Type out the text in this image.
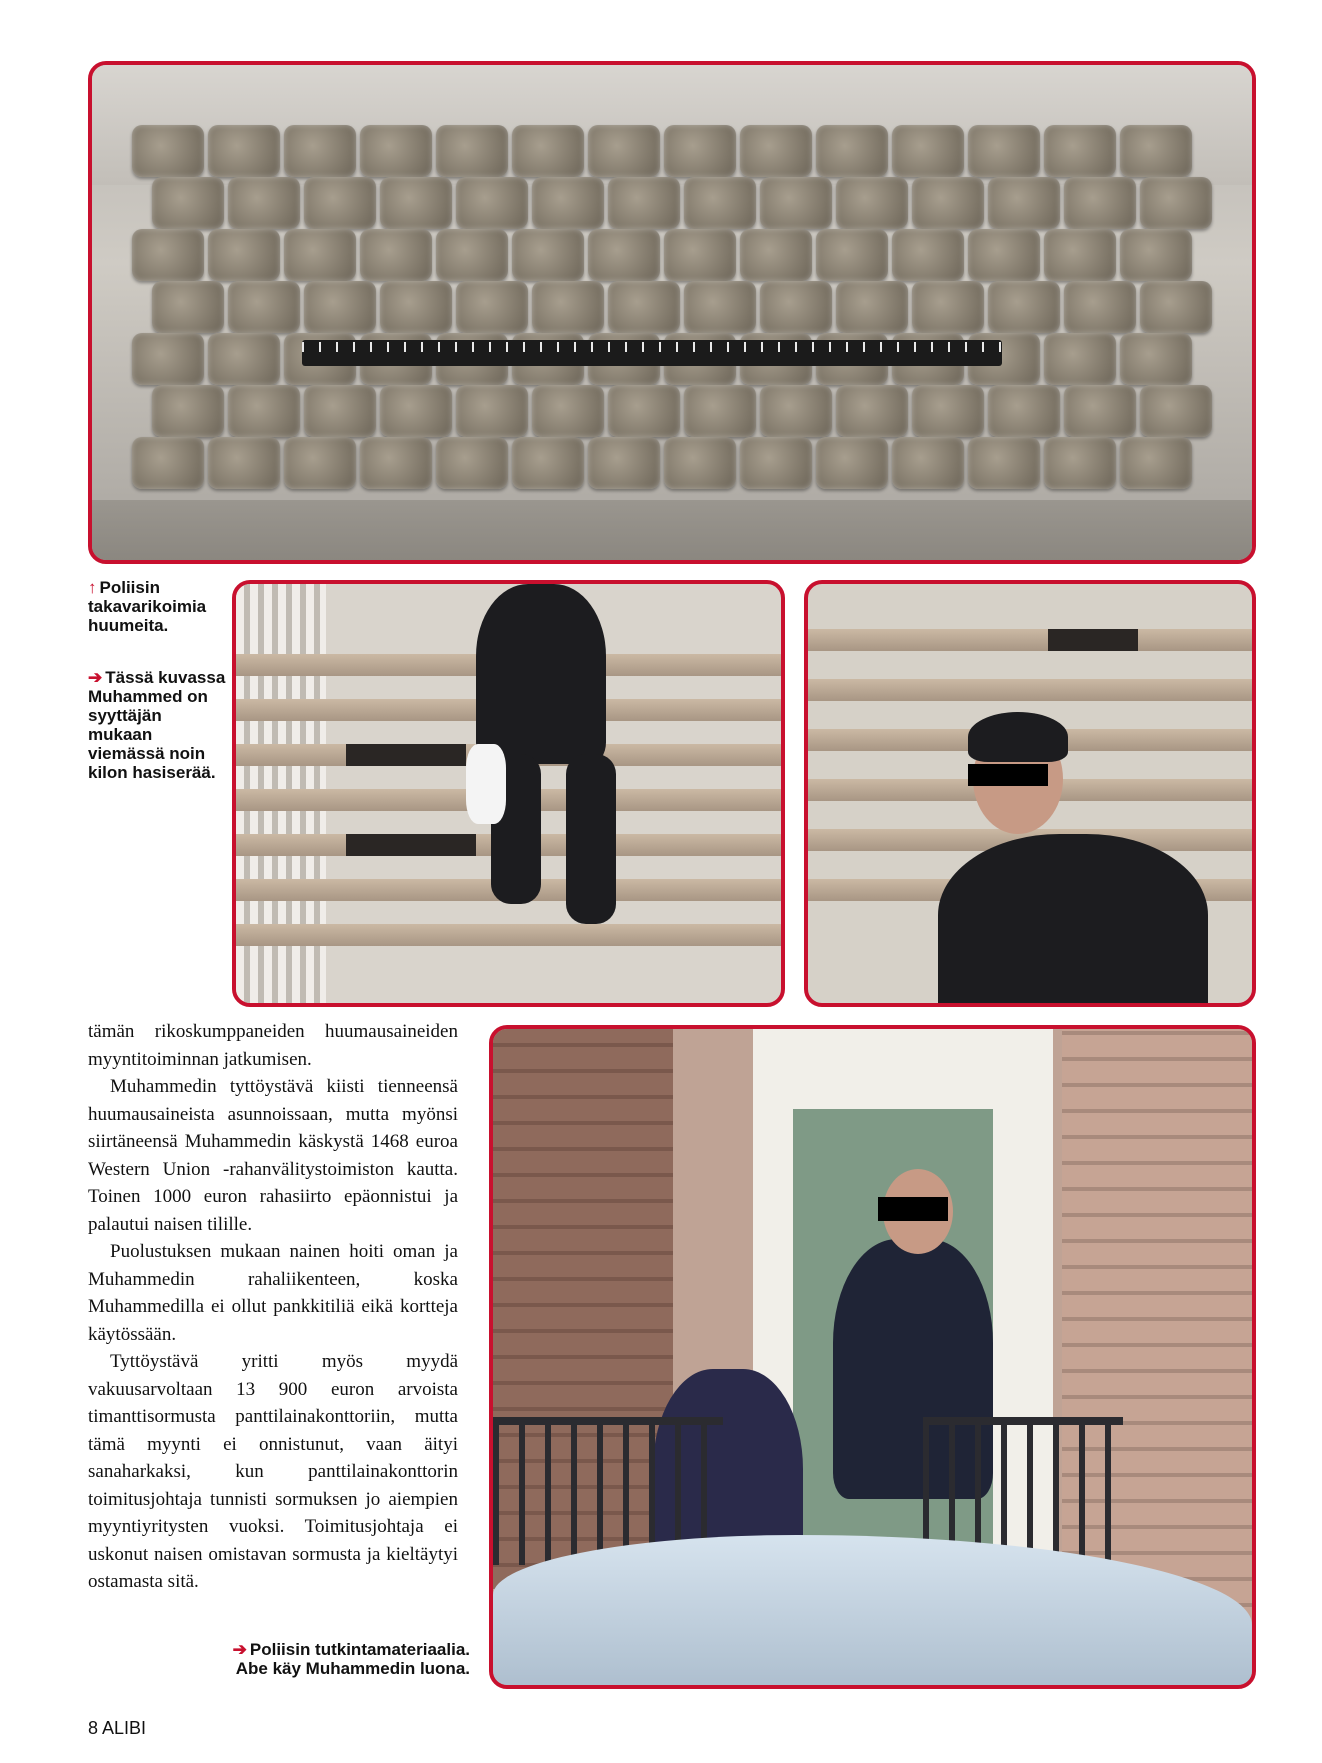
↑ Poliisin takavarikoimia huumeita.
➔ Tässä kuvassa Muhammed on syyttäjän mukaan viemässä noin kilon hasiserää.

tämän rikoskumppaneiden huumausaineiden myyntitoiminnan jatkumisen.

Muhammedin tyttöystävä kiisti tienneensä huumausaineista asunnoissaan, mutta myönsi siirtäneensä Muhammedin käskystä 1468 euroa Western Union -rahanvälitystoimiston kautta. Toinen 1000 euron rahasiirto epäonnistui ja palautui naisen tilille.

Puolustuksen mukaan nainen hoiti oman ja Muhammedin rahaliikenteen, koska Muhammedilla ei ollut pankkitiliä eikä kortteja käytössään.

Tyttöystävä yritti myös myydä vakuusarvoltaan 13 900 euron arvoista timanttisormusta panttilainakonttoriin, mutta tämä myynti ei onnistunut, vaan äityi sanaharkaksi, kun panttilainakonttorin toimitusjohtaja tunnisti sormuksen jo aiempien myyntiyritysten vuoksi. Toimitusjohtaja ei uskonut naisen omistavan sormusta ja kieltäytyi ostamasta sitä.

➔ Poliisin tutkintamateriaalia.
Abe käy Muhammedin luona.
8 ALIBI
